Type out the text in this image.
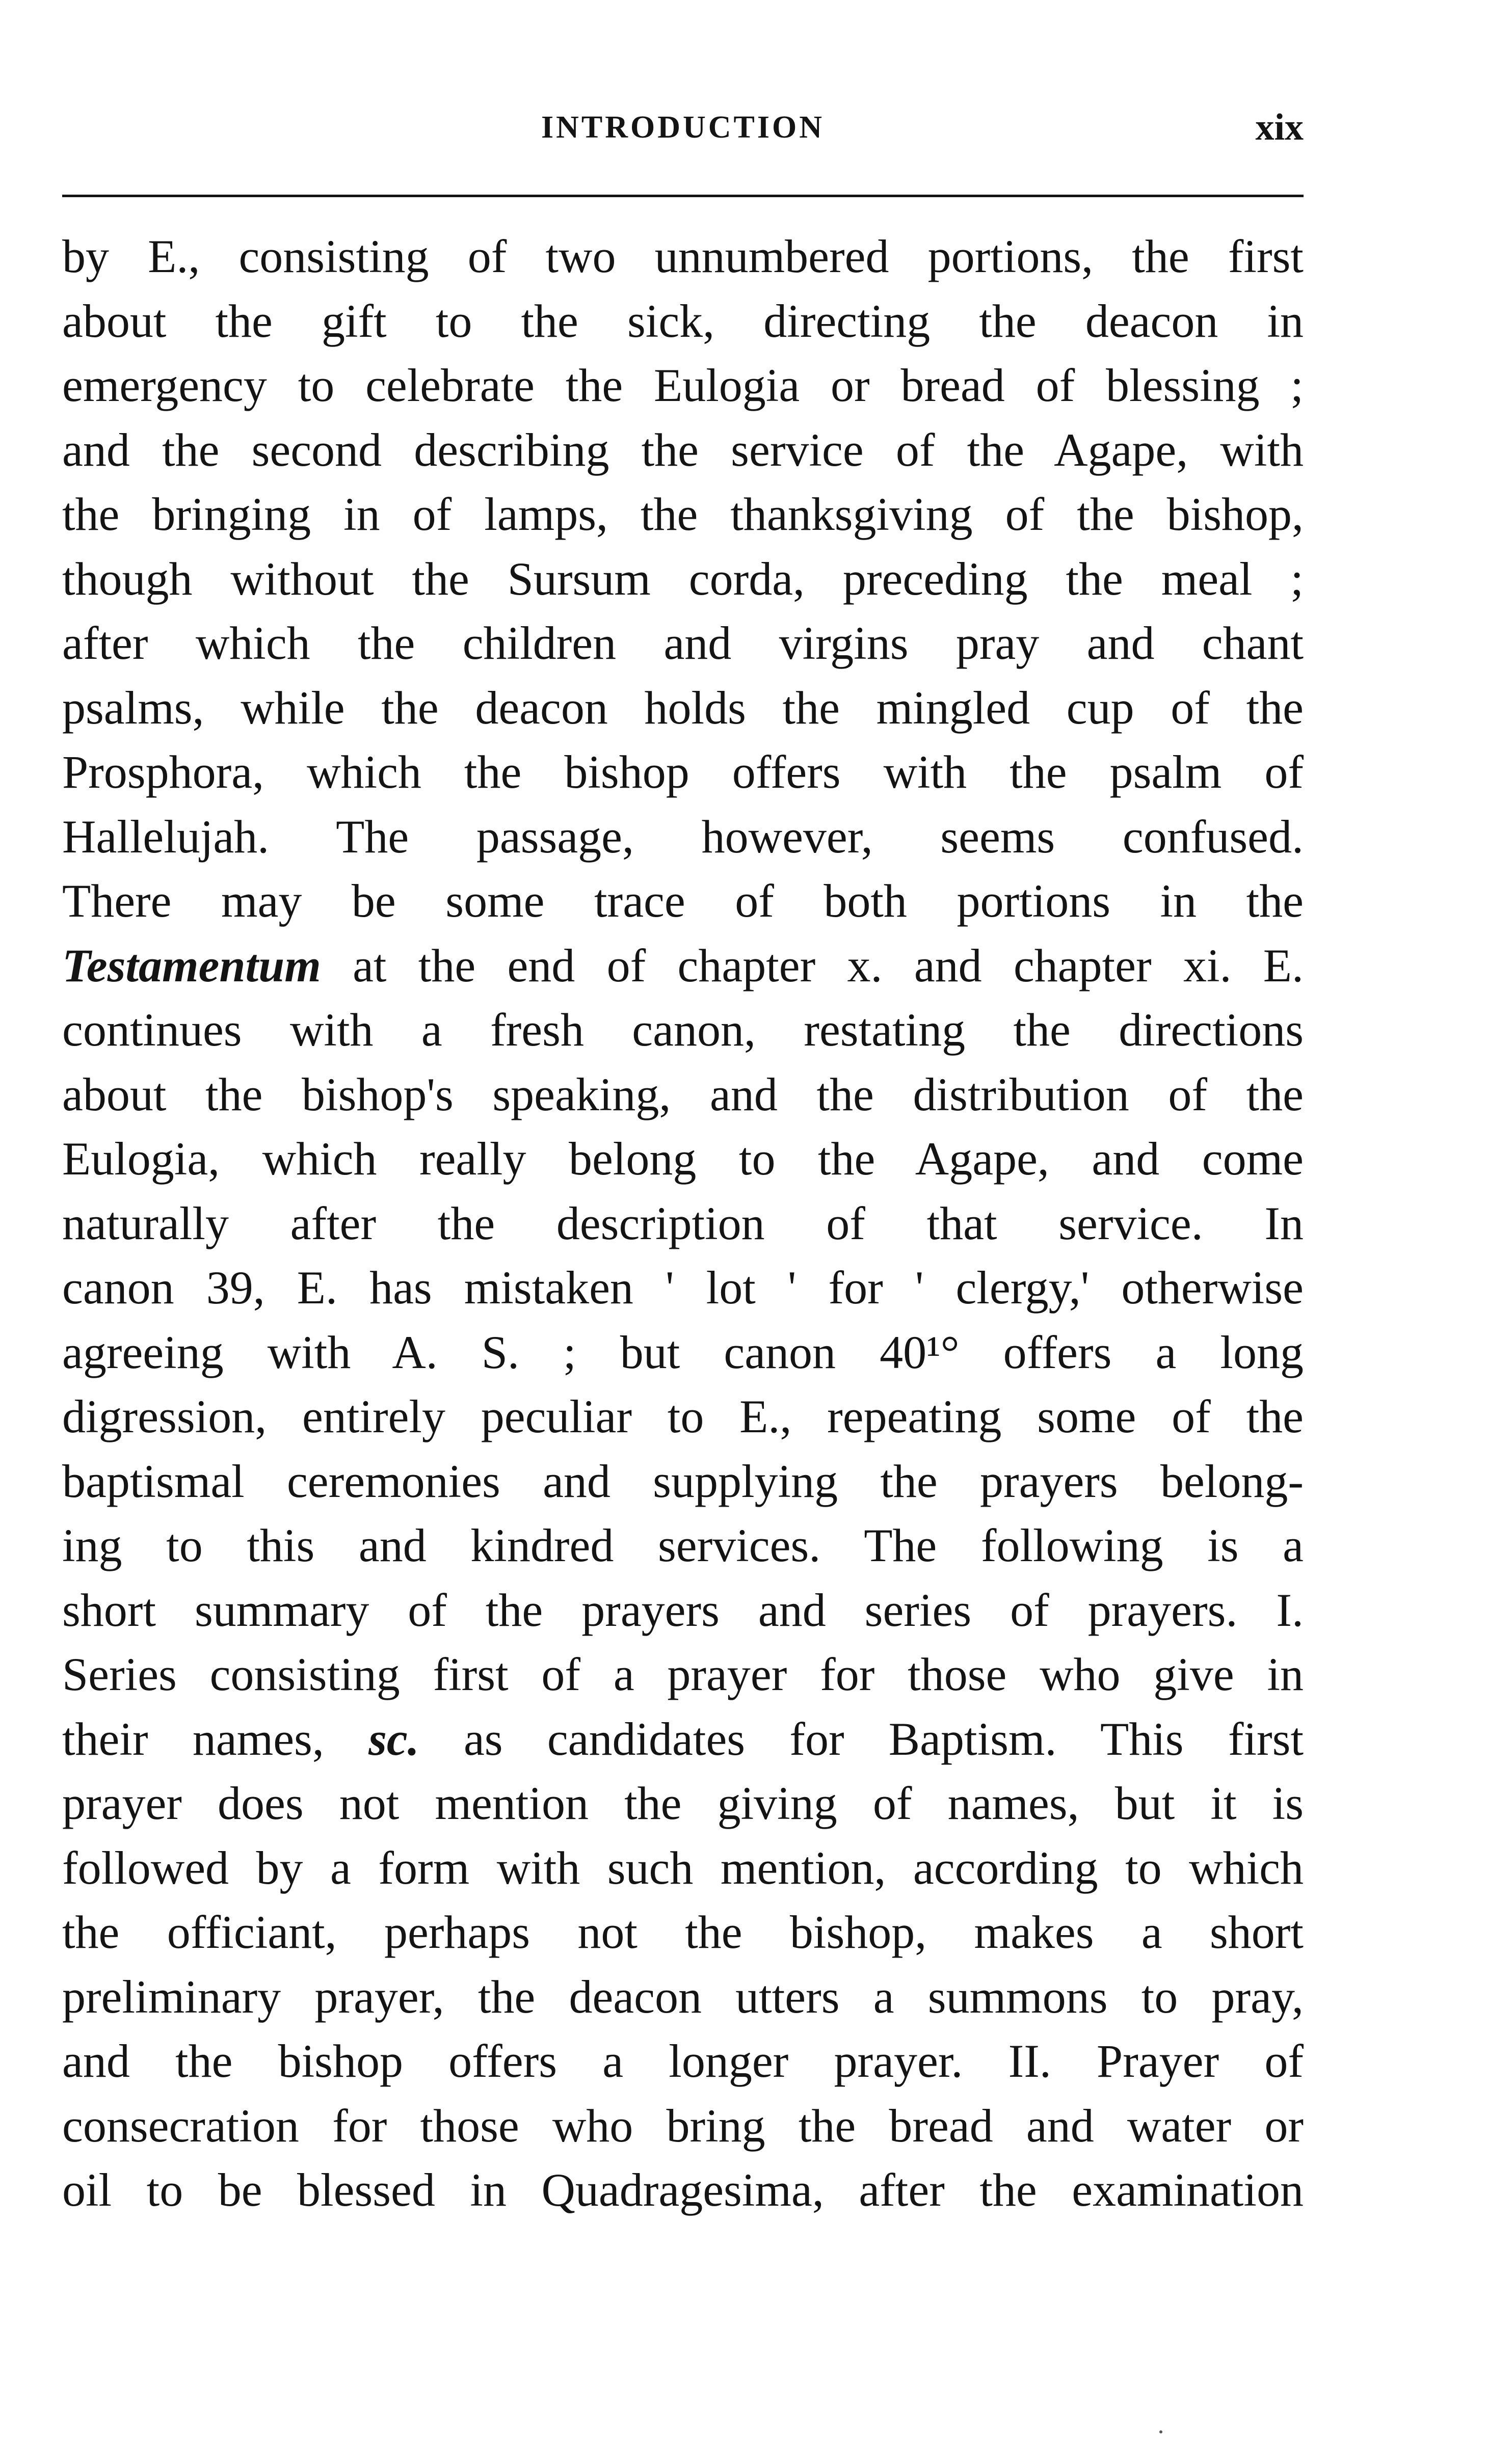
INTRODUCTION	xix
by E., consisting of two unnumbered portions, the first
about the gift to the sick, directing the deacon in
emergency to celebrate the Eulogia or bread of blessing ;
and the second describing the service of the Agape, with
the bringing in of lamps, the thanksgiving of the bishop,
though without the Sursum corda, preceding the meal ;
after which the children and virgins pray and chant
psalms, while the deacon holds the mingled cup of the
Prosphora, which the bishop offers with the psalm of
Hallelujah. The passage, however, seems confused.
There may be some trace of both portions in the
Testamentum at the end of chapter x. and chapter xi. E.
continues with a fresh canon, restating the directions
about the bishop's speaking, and the distribution of the
Eulogia, which really belong to the Agape, and come
naturally after the description of that service. In
canon 39, E. has mistaken ' lot ' for ' clergy,' otherwise
agreeing with A. S. ; but canon 40¹° offers a long
digression, entirely peculiar to E., repeating some of the
baptismal ceremonies and supplying the prayers belong-
ing to this and kindred services. The following is a
short summary of the prayers and series of prayers. I.
Series consisting first of a prayer for those who give in
their names, sc. as candidates for Baptism. This first
prayer does not mention the giving of names, but it is
followed by a form with such mention, according to which
the officiant, perhaps not the bishop, makes a short
preliminary prayer, the deacon utters a summons to pray,
and the bishop offers a longer prayer. II. Prayer of
consecration for those who bring the bread and water or
oil to be blessed in Quadragesima, after the examination
